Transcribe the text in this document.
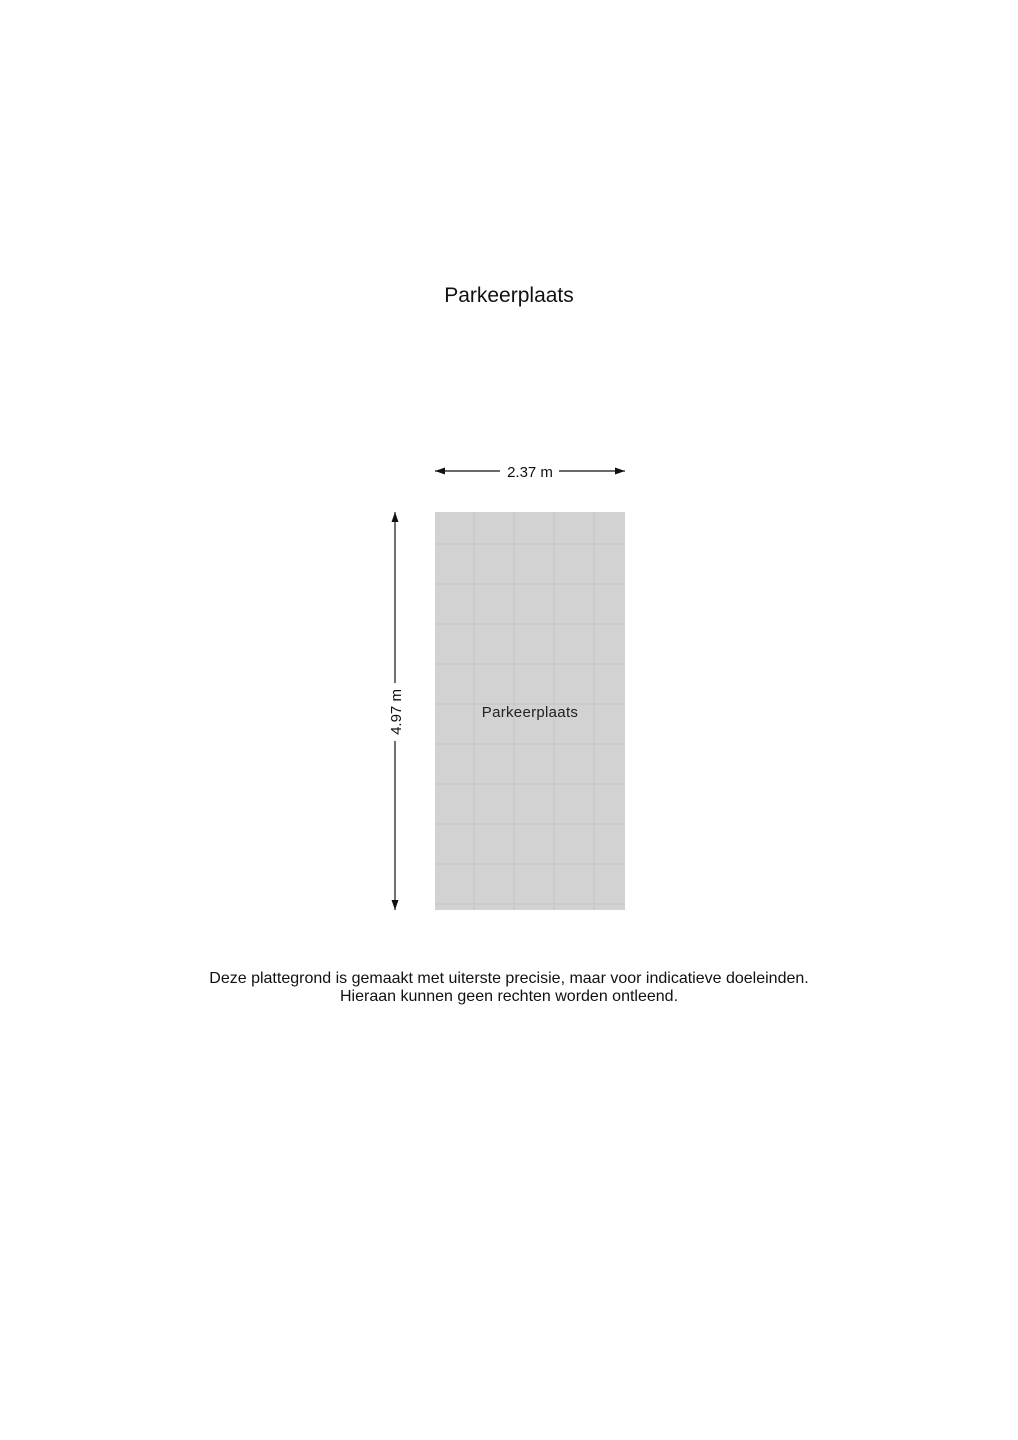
Parkeerplaats
2.37 m
4.97 m	Parkeerplaats
Deze plattegrond is gemaakt met uiterste precisie, maar voor indicatieve doeleinden.
Hieraan kunnen geen rechten worden ontleend.
